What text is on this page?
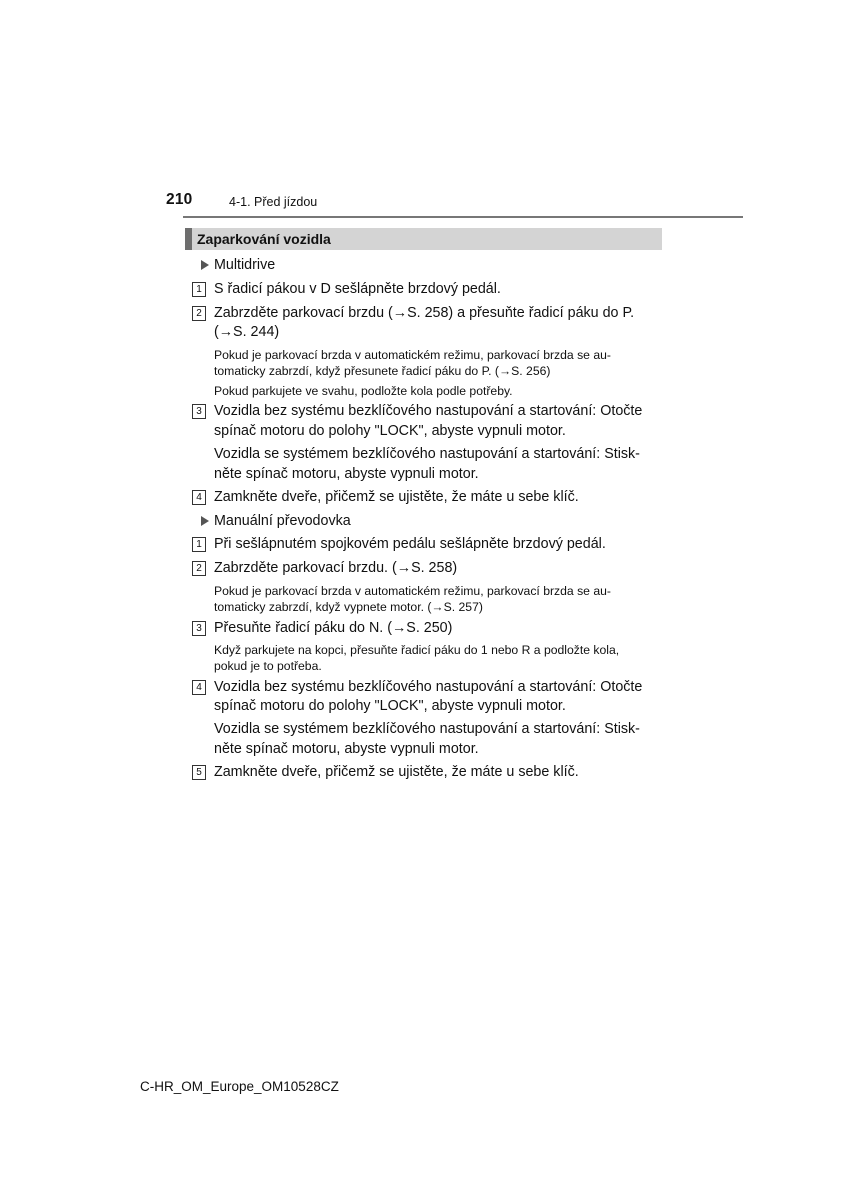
210	4-1. Před jízdou
Zaparkování vozidla
Multidrive
1 S řadicí pákou v D sešlápněte brzdový pedál.
2 Zabrzděte parkovací brzdu (→S. 258) a přesuňte řadicí páku do P.
(→S. 244)
Pokud je parkovací brzda v automatickém režimu, parkovací brzda se au-
tomaticky zabrzdí, když přesunete řadicí páku do P. (→S. 256)
Pokud parkujete ve svahu, podložte kola podle potřeby.
3 Vozidla bez systému bezklíčového nastupování a startování: Otočte
spínač motoru do polohy "LOCK", abyste vypnuli motor.
Vozidla se systémem bezklíčového nastupování a startování: Stisk-
něte spínač motoru, abyste vypnuli motor.
4 Zamkněte dveře, přičemž se ujistěte, že máte u sebe klíč.
Manuální převodovka
1 Při sešlápnutém spojkovém pedálu sešlápněte brzdový pedál.
2 Zabrzděte parkovací brzdu. (→S. 258)
Pokud je parkovací brzda v automatickém režimu, parkovací brzda se au-
tomaticky zabrzdí, když vypnete motor. (→S. 257)
3 Přesuňte řadicí páku do N. (→S. 250)
Když parkujete na kopci, přesuňte řadicí páku do 1 nebo R a podložte kola,
pokud je to potřeba.
4 Vozidla bez systému bezklíčového nastupování a startování: Otočte
spínač motoru do polohy "LOCK", abyste vypnuli motor.
Vozidla se systémem bezklíčového nastupování a startování: Stisk-
něte spínač motoru, abyste vypnuli motor.
5 Zamkněte dveře, přičemž se ujistěte, že máte u sebe klíč.
C-HR_OM_Europe_OM10528CZ
